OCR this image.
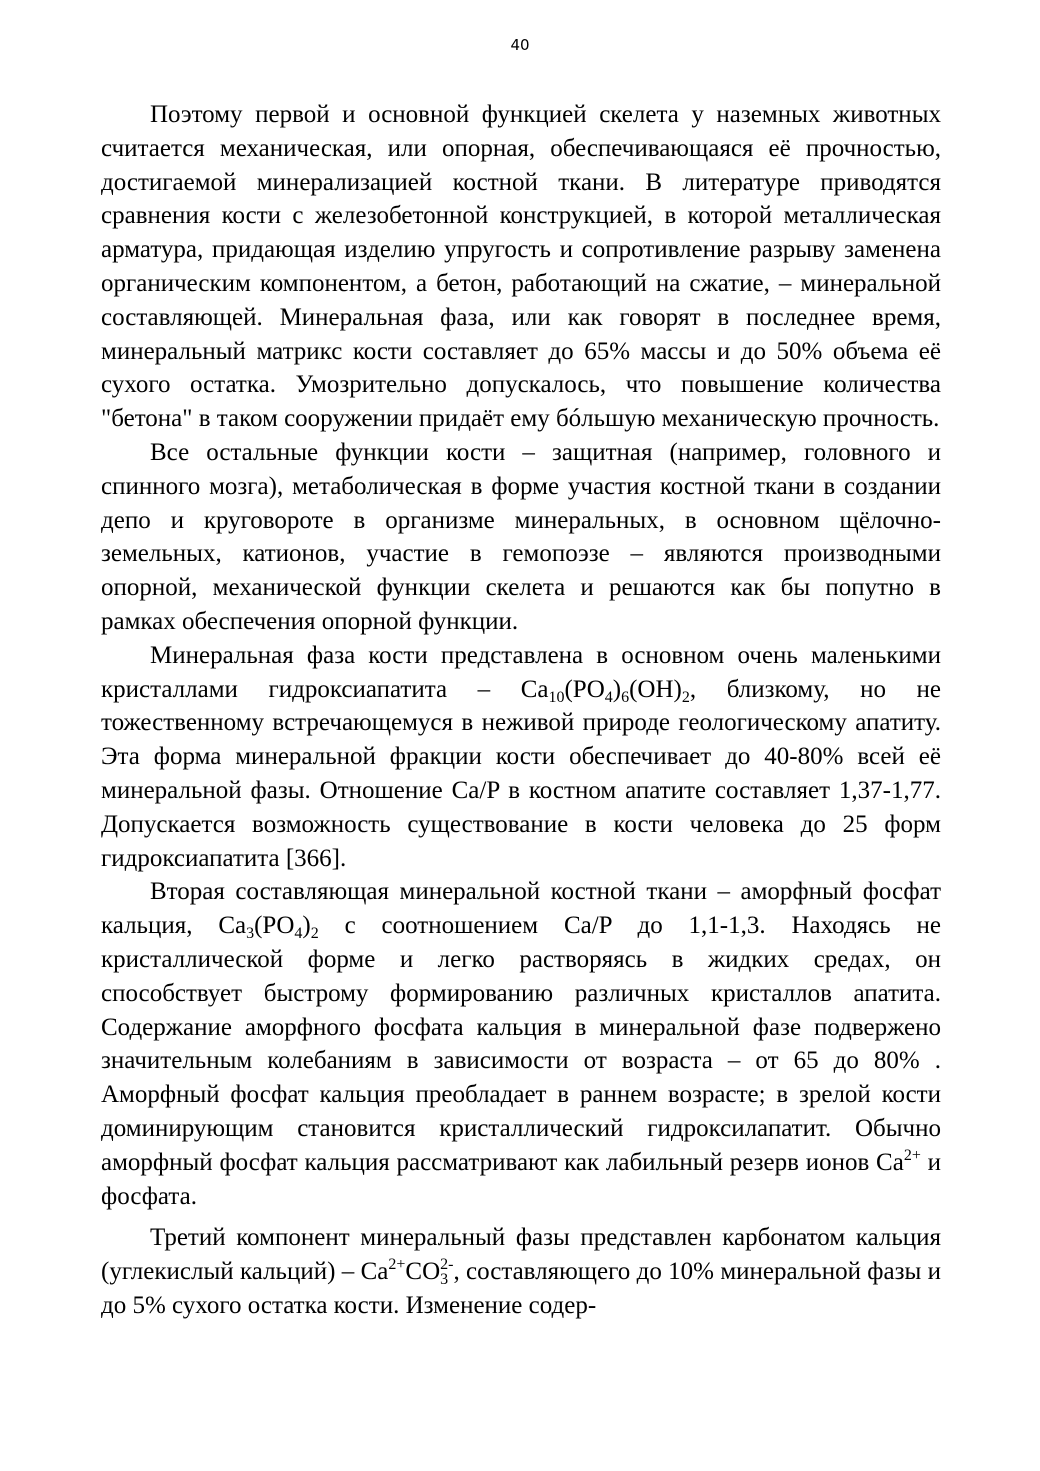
40

Поэтому первой и основной функцией скелета у наземных животных считается механическая, или опорная, обеспечивающаяся её прочностью, достигаемой минерализацией костной ткани. В литературе приводятся сравнения кости с железобетонной конструкцией, в которой металлическая арматура, придающая изделию упругость и сопротивление разрыву заменена органическим компонентом, а бетон, работающий на сжатие, – минеральной составляющей. Минеральная фаза, или как говорят в последнее время, минеральный матрикс кости составляет до 65% массы и до 50% объема её сухого остатка. Умозрительно допускалось, что повышение количества "бетона" в таком сооружении придаёт ему бóльшую механическую прочность.

Все остальные функции кости – защитная (например, головного и спинного мозга), метаболическая в форме участия костной ткани в создании депо и круговороте в организме минеральных, в основном щёлочно-земельных, катионов, участие в гемопоэзе – являются производными опорной, механической функции скелета и решаются как бы попутно в рамках обеспечения опорной функции.

Минеральная фаза кости представлена в основном очень маленькими кристаллами гидроксиапатита – $Ca_{10}(PO_4)_6(OH)_2$, близкому, но не тожественному встречающемуся в неживой природе геологическому апатиту. Эта форма минеральной фракции кости обеспечивает до 40-80% всей её минеральной фазы. Отношение Ca/P в костном апатите составляет 1,37-1,77. Допускается возможность существование в кости человека до 25 форм гидроксиапатита [366].

Вторая составляющая минеральной костной ткани – аморфный фосфат кальция, $Ca_3(PO_4)_2$ с соотношением Ca/P до 1,1-1,3. Находясь не кристаллической форме и легко растворяясь в жидких средах, он способствует быстрому формированию различных кристаллов апатита. Содержание аморфного фосфата кальция в минеральной фазе подвержено значительным колебаниям в зависимости от возраста – от 65 до 80% . Аморфный фосфат кальция преобладает в раннем возрасте; в зрелой кости доминирующим становится кристаллический гидроксилапатит. Обычно аморфный фосфат кальция рассматривают как лабильный резерв ионов $Ca^{2+}$ и фосфата.

Третий компонент минеральный фазы представлен карбонатом кальция (углекислый кальций) – $Ca^{2+}CO_3^{2-}$, составляющего до 10% минеральной фазы и до 5% сухого остатка кости. Изменение содер-
